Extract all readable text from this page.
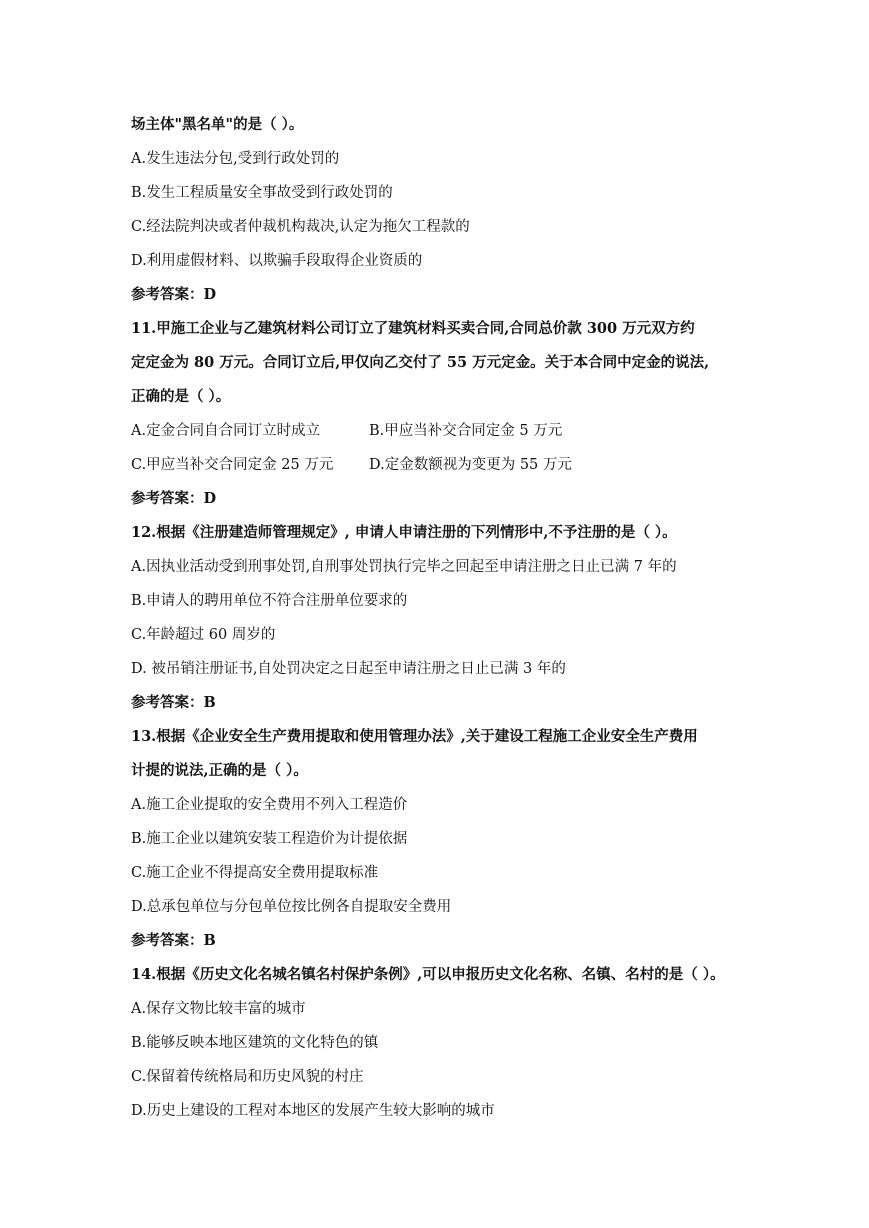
场主体"黑名单"的是（ ）。
A.发生违法分包,受到行政处罚的
B.发生工程质量安全事故受到行政处罚的
C.经法院判决或者仲裁机构裁决,认定为拖欠工程款的
D.利用虚假材料、以欺骗手段取得企业资质的
参考答案：D
11.甲施工企业与乙建筑材料公司订立了建筑材料买卖合同,合同总价款 300 万元双方约
定定金为 80 万元。合同订立后,甲仅向乙交付了 55 万元定金。关于本合同中定金的说法,
正确的是（ ）。
A.定金合同自合同订立时成立	B.甲应当补交合同定金 5 万元
C.甲应当补交合同定金 25 万元	D.定金数额视为变更为 55 万元
参考答案：D
12.根据《注册建造师管理规定》, 申请人申请注册的下列情形中,不予注册的是（ ）。
A.因执业活动受到刑事处罚,自刑事处罚执行完毕之回起至申请注册之日止已满 7 年的
B.申请人的聘用单位不符合注册单位要求的
C.年龄超过 60 周岁的
D. 被吊销注册证书,自处罚决定之日起至申请注册之日止已满 3 年的
参考答案：B
13.根据《企业安全生产费用提取和使用管理办法》,关于建设工程施工企业安全生产费用
计提的说法,正确的是（ ）。
A.施工企业提取的安全费用不列入工程造价
B.施工企业以建筑安装工程造价为计提依据
C.施工企业不得提高安全费用提取标准
D.总承包单位与分包单位按比例各自提取安全费用
参考答案：B
14.根据《历史文化名城名镇名村保护条例》,可以申报历史文化名称、名镇、名村的是（ ）。
A.保存文物比较丰富的城市
B.能够反映本地区建筑的文化特色的镇
C.保留着传统格局和历史风貌的村庄
D.历史上建设的工程对本地区的发展产生较大影响的城市
